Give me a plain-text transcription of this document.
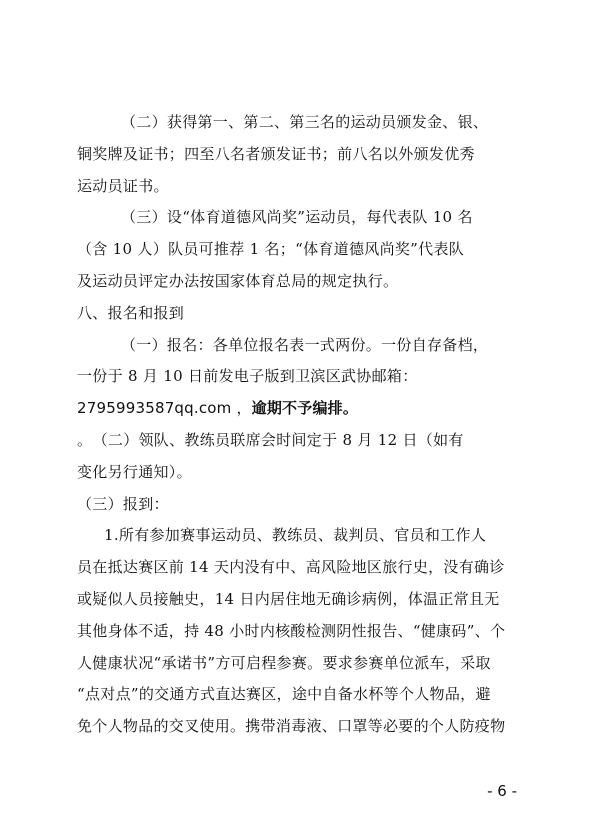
（二）获得第一、第二、第三名的运动员颁发金、银、
铜奖牌及证书；四至八名者颁发证书；前八名以外颁发优秀
运动员证书。
（三）设“体育道德风尚奖”运动员，每代表队 10 名
（含 10 人）队员可推荐 1 名；“体育道德风尚奖”代表队
及运动员评定办法按国家体育总局的规定执行。
八、报名和报到
（一）报名：各单位报名表一式两份。一份自存备档，
一份于 8 月 10 日前发电子版到卫滨区武协邮箱：
2795993587qq.com ，逾期不予编排。
。　（二）领队、教练员联席会时间定于 8 月 12 日（如有
变化另行通知）。
（三）报到：
1.所有参加赛事运动员、教练员、裁判员、官员和工作人
员在抵达赛区前 14 天内没有中、高风险地区旅行史，没有确诊
或疑似人员接触史，14 日内居住地无确诊病例，体温正常且无
其他身体不适，持 48 小时内核酸检测阴性报告、“健康码”、个
人健康状况“承诺书”方可启程参赛。要求参赛单位派车，采取
“点对点”的交通方式直达赛区，途中自备水杯等个人物品，避
免个人物品的交叉使用。携带消毒液、口罩等必要的个人防疫物
- 6 -
